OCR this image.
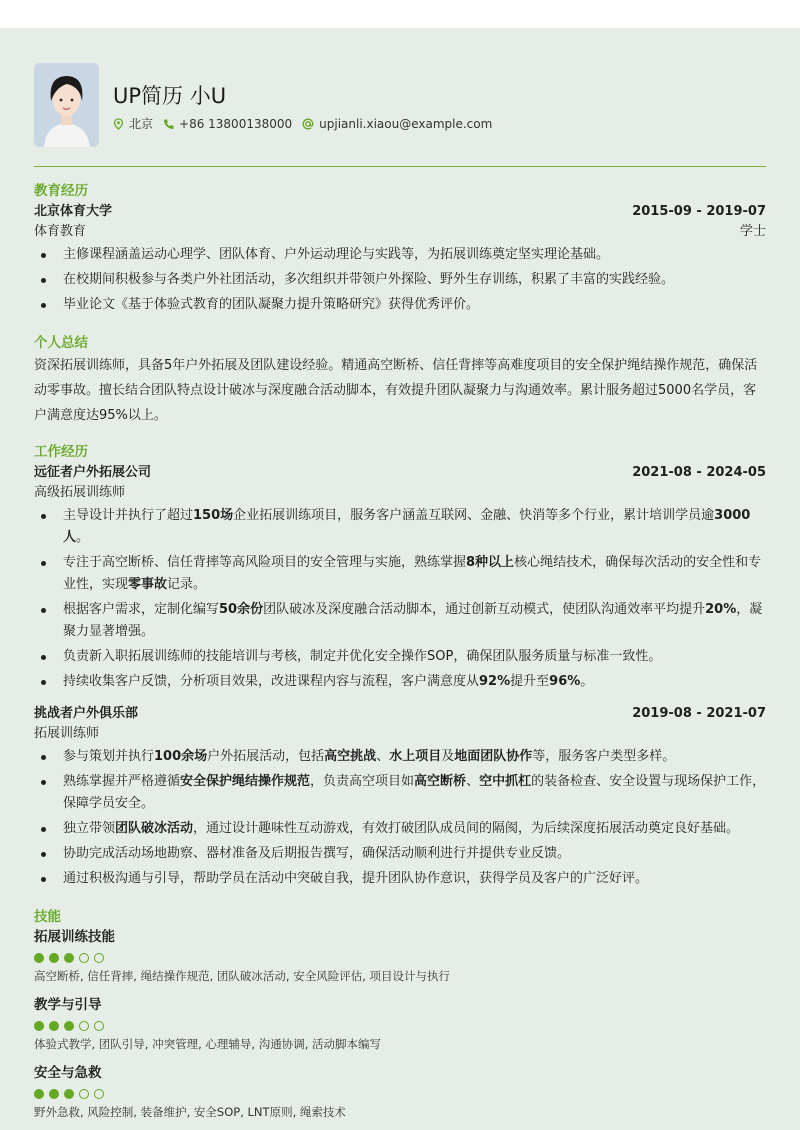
UP简历 小U
北京 +86 13800138000 upjianli.xiaou@example.com
教育经历
北京体育大学	2015-09 - 2019-07
体育教育	学士
主修课程涵盖运动心理学、团队体育、户外运动理论与实践等，为拓展训练奠定坚实理论基础。
在校期间积极参与各类户外社团活动，多次组织并带领户外探险、野外生存训练，积累了丰富的实践经验。
毕业论文《基于体验式教育的团队凝聚力提升策略研究》获得优秀评价。
个人总结
资深拓展训练师，具备5年户外拓展及团队建设经验。精通高空断桥、信任背摔等高难度项目的安全保护绳结操作规范，确保活动零事故。擅长结合团队特点设计破冰与深度融合活动脚本，有效提升团队凝聚力与沟通效率。累计服务超过5000名学员，客户满意度达95%以上。
工作经历
远征者户外拓展公司	2021-08 - 2024-05
高级拓展训练师
主导设计并执行了超过150场企业拓展训练项目，服务客户涵盖互联网、金融、快消等多个行业，累计培训学员逾3000人。
专注于高空断桥、信任背摔等高风险项目的安全管理与实施，熟练掌握8种以上核心绳结技术，确保每次活动的安全性和专业性，实现零事故记录。
根据客户需求，定制化编写50余份团队破冰及深度融合活动脚本，通过创新互动模式，使团队沟通效率平均提升20%，凝聚力显著增强。
负责新入职拓展训练师的技能培训与考核，制定并优化安全操作SOP，确保团队服务质量与标准一致性。
持续收集客户反馈，分析项目效果，改进课程内容与流程，客户满意度从92%提升至96%。
挑战者户外俱乐部	2019-08 - 2021-07
拓展训练师
参与策划并执行100余场户外拓展活动，包括高空挑战、水上项目及地面团队协作等，服务客户类型多样。
熟练掌握并严格遵循安全保护绳结操作规范，负责高空项目如高空断桥、空中抓杠的装备检查、安全设置与现场保护工作，保障学员安全。
独立带领团队破冰活动，通过设计趣味性互动游戏，有效打破团队成员间的隔阂，为后续深度拓展活动奠定良好基础。
协助完成活动场地勘察、器材准备及后期报告撰写，确保活动顺利进行并提供专业反馈。
通过积极沟通与引导，帮助学员在活动中突破自我，提升团队协作意识，获得学员及客户的广泛好评。
技能
拓展训练技能
高空断桥, 信任背摔, 绳结操作规范, 团队破冰活动, 安全风险评估, 项目设计与执行
教学与引导
体验式教学, 团队引导, 冲突管理, 心理辅导, 沟通协调, 活动脚本编写
安全与急救
野外急救, 风险控制, 装备维护, 安全SOP, LNT原则, 绳索技术
